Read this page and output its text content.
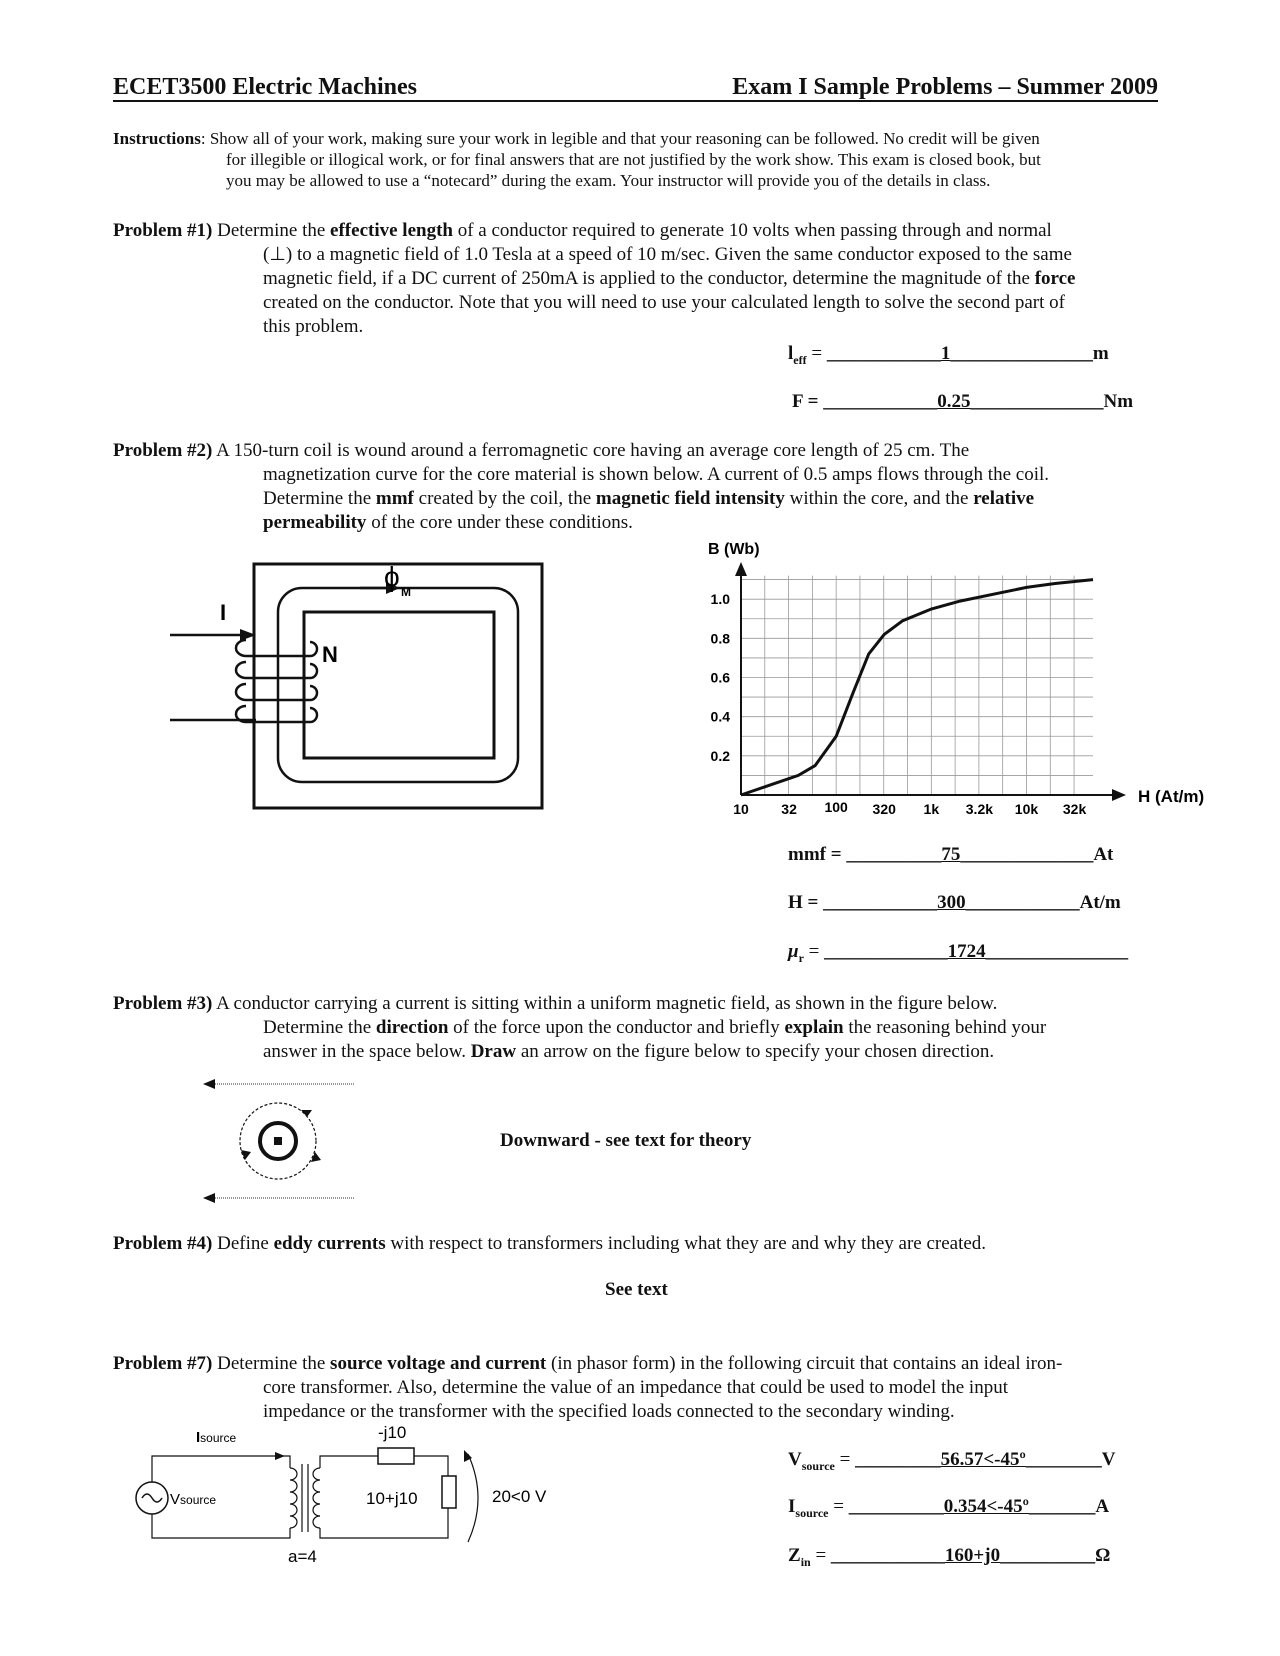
ECET3500 Electric Machines	Exam I Sample Problems – Summer 2009
Instructions: Show all of your work, making sure your work in legible and that your reasoning can be followed. No credit will be given
for illegible or illogical work, or for final answers that are not justified by the work show. This exam is closed book, but
you may be allowed to use a “notecard” during the exam. Your instructor will provide you of the details in class.
Problem #1) Determine the effective length of a conductor required to generate 10 volts when passing through and normal
(⊥) to a magnetic field of 1.0 Tesla at a speed of 10 m/sec. Given the same conductor exposed to the same
magnetic field, if a DC current of 250mA is applied to the conductor, determine the magnitude of the force
created on the conductor. Note that you will need to use your calculated length to solve the second part of
this problem.
$l_{eff}$ = ____________1_______________m
F = ____________0.25______________Nm
Problem #2) A 150-turn coil is wound around a ferromagnetic core having an average core length of 25 cm. The
magnetization curve for the core material is shown below. A current of 0.5 amps flows through the coil.
Determine the mmf created by the coil, the magnetic field intensity within the core, and the relative
permeability of the core under these conditions.
I
N
ϕ M
B (Wb)
H (At/m)
1.0
0.8
0.6
0.4
0.2
10 32 100 320 1k 3.2k 10k 32k
mmf = __________75______________At
H = ____________300____________At/m
$\mu_r$ = _____________1724_______________
Problem #3) A conductor carrying a current is sitting within a uniform magnetic field, as shown in the figure below.
Determine the direction of the force upon the conductor and briefly explain the reasoning behind your
answer in the space below. Draw an arrow on the figure below to specify your chosen direction.
Downward - see text for theory
Problem #4) Define eddy currents with respect to transformers including what they are and why they are created.
See text
Problem #7) Determine the source voltage and current (in phasor form) in the following circuit that contains an ideal iron-
core transformer. Also, determine the value of an impedance that could be used to model the input
impedance or the transformer with the specified loads connected to the secondary winding.
Isource
Vsource
-j10
10+j10	20<0 V
a=4
$V_{source}$ = _________56.57<-45º________V
$I_{source}$ = __________0.354<-45º_______A
$Z_{in}$ = ____________160+j0__________Ω
